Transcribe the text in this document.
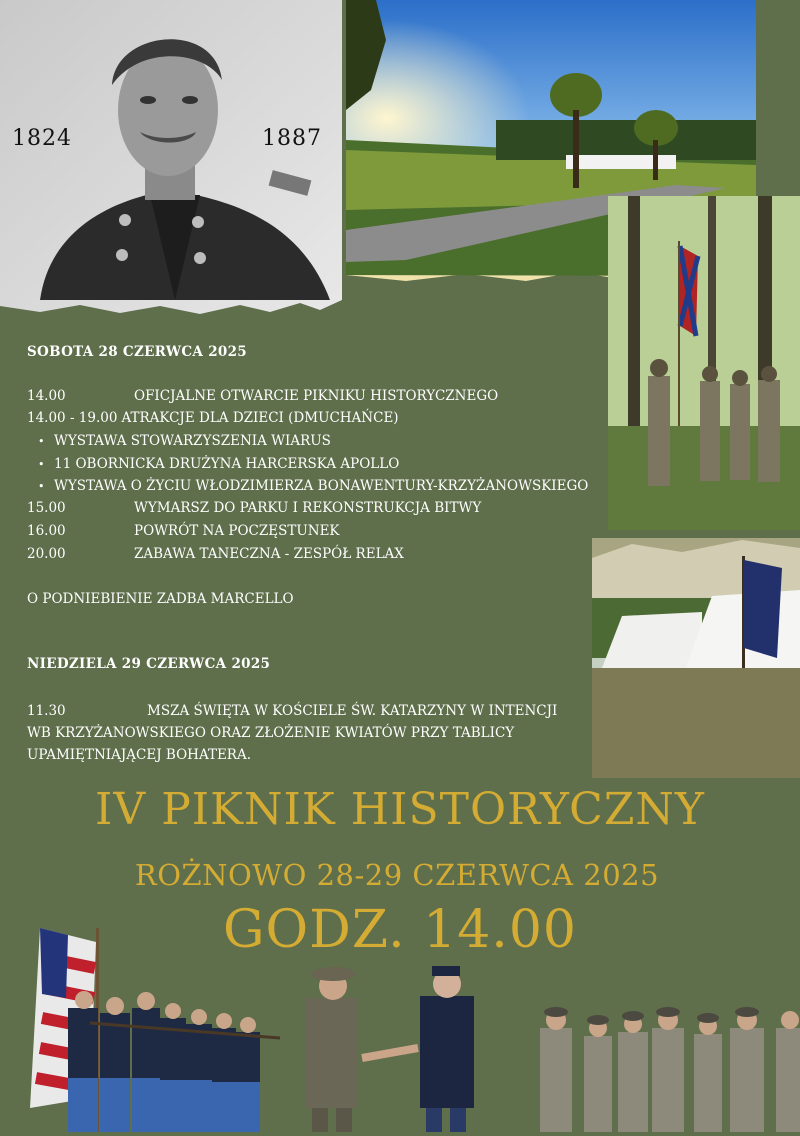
1824	1887
SOBOTA 28 CZERWCA 2025
14.00	OFICJALNE OTWARCIE PIKNIKU HISTORYCZNEGO
14.00 - 19.00 ATRAKCJE DLA DZIECI (DMUCHAŃCE)
• WYSTAWA STOWARZYSZENIA WIARUS
• 11 OBORNICKA DRUŻYNA HARCERSKA APOLLO
• WYSTAWA O ŻYCIU WŁODZIMIERZA BONAWENTURY-KRZYŻANOWSKIEGO
15.00	WYMARSZ DO PARKU I REKONSTRUKCJA BITWY
16.00	POWRÓT NA POCZĘSTUNEK
20.00	ZABAWA TANECZNA - ZESPÓŁ RELAX
O PODNIEBIENIE ZADBA MARCELLO
NIEDZIELA 29 CZERWCA 2025
11.30	MSZA ŚWIĘTA W KOŚCIELE ŚW. KATARZYNY W INTENCJI
WB KRZYŻANOWSKIEGO ORAZ ZŁOŻENIE KWIATÓW PRZY TABLICY
UPAMIĘTNIAJĄCEJ BOHATERA.
IV PIKNIK HISTORYCZNY
ROŻNOWO 28-29 CZERWCA 2025
GODZ. 14.00
